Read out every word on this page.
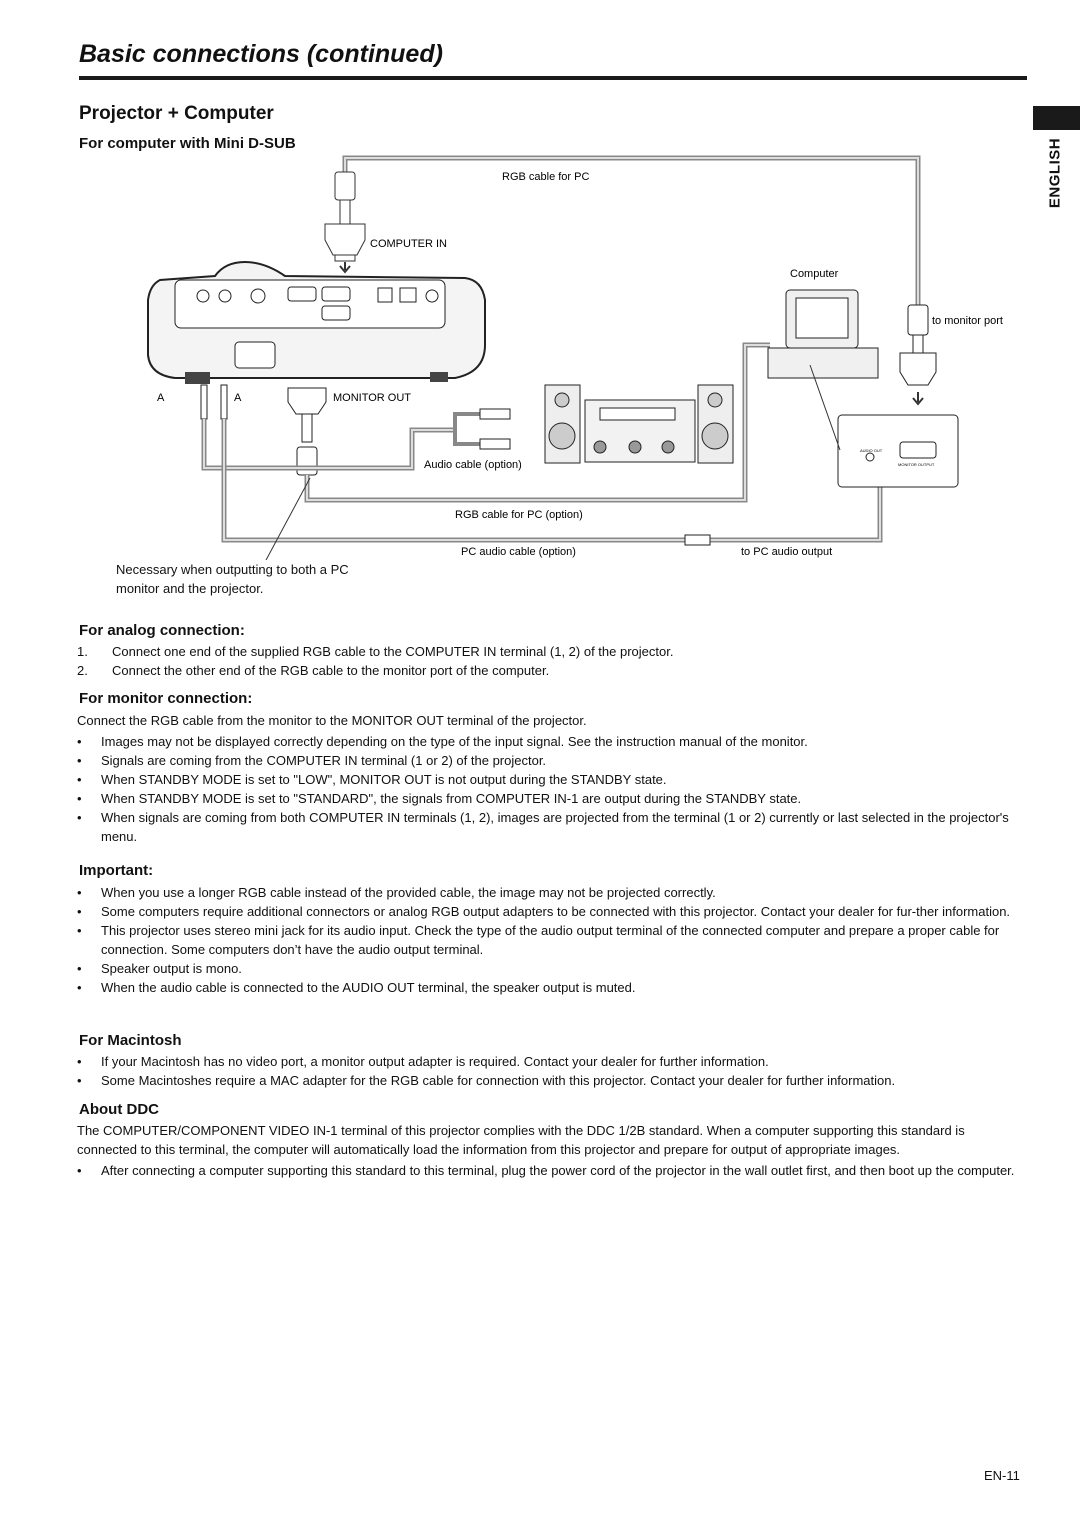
Basic connections (continued)
ENGLISH
Projector + Computer
For computer with Mini D-SUB
RGB cable for PC
COMPUTER IN
Computer
to monitor port
A	A	MONITOR OUT
Audio cable (option)
RGB cable for PC (option)
PC audio cable (option)	to PC audio output
AUDIO OUT
MONITOR OUTPUT
Necessary when outputting to both a PC monitor and the projector.
For analog connection:

1. Connect one end of the supplied RGB cable to the COMPUTER IN terminal (1, 2) of the projector.

2. Connect the other end of the RGB cable to the monitor port of the computer.

For monitor connection:

Connect the RGB cable from the monitor to the MONITOR OUT terminal of the projector.

• Images may not be displayed correctly depending on the type of the input signal. See the instruction manual of the monitor.

• Signals are coming from the COMPUTER IN terminal (1 or 2) of the projector.

• When STANDBY MODE is set to "LOW", MONITOR OUT is not output during the STANDBY state.

• When STANDBY MODE is set to "STANDARD", the signals from COMPUTER IN-1 are output during the STANDBY state.

• When signals are coming from both COMPUTER IN terminals (1, 2), images are projected from the terminal (1 or 2) currently or last selected in the projector's menu.

Important:

• When you use a longer RGB cable instead of the provided cable, the image may not be projected correctly.

• Some computers require additional connectors or analog RGB output adapters to be connected with this projector. Contact your dealer for fur-ther information.

• This projector uses stereo mini jack for its audio input. Check the type of the audio output terminal of the connected computer and prepare a proper cable for connection. Some computers don’t have the audio output terminal.

• Speaker output is mono.

• When the audio cable is connected to the AUDIO OUT terminal, the speaker output is muted.

For Macintosh

• If your Macintosh has no video port, a monitor output adapter is required. Contact your dealer for further information.

• Some Macintoshes require a MAC adapter for the RGB cable for connection with this projector. Contact your dealer for further information.

About DDC

The COMPUTER/COMPONENT VIDEO IN-1 terminal of this projector complies with the DDC 1/2B standard. When a computer supporting this standard is connected to this terminal, the computer will automatically load the information from this projector and prepare for output of appropriate images.

• After connecting a computer supporting this standard to this terminal, plug the power cord of the projector in the wall outlet first, and then boot up the computer.

EN-11
